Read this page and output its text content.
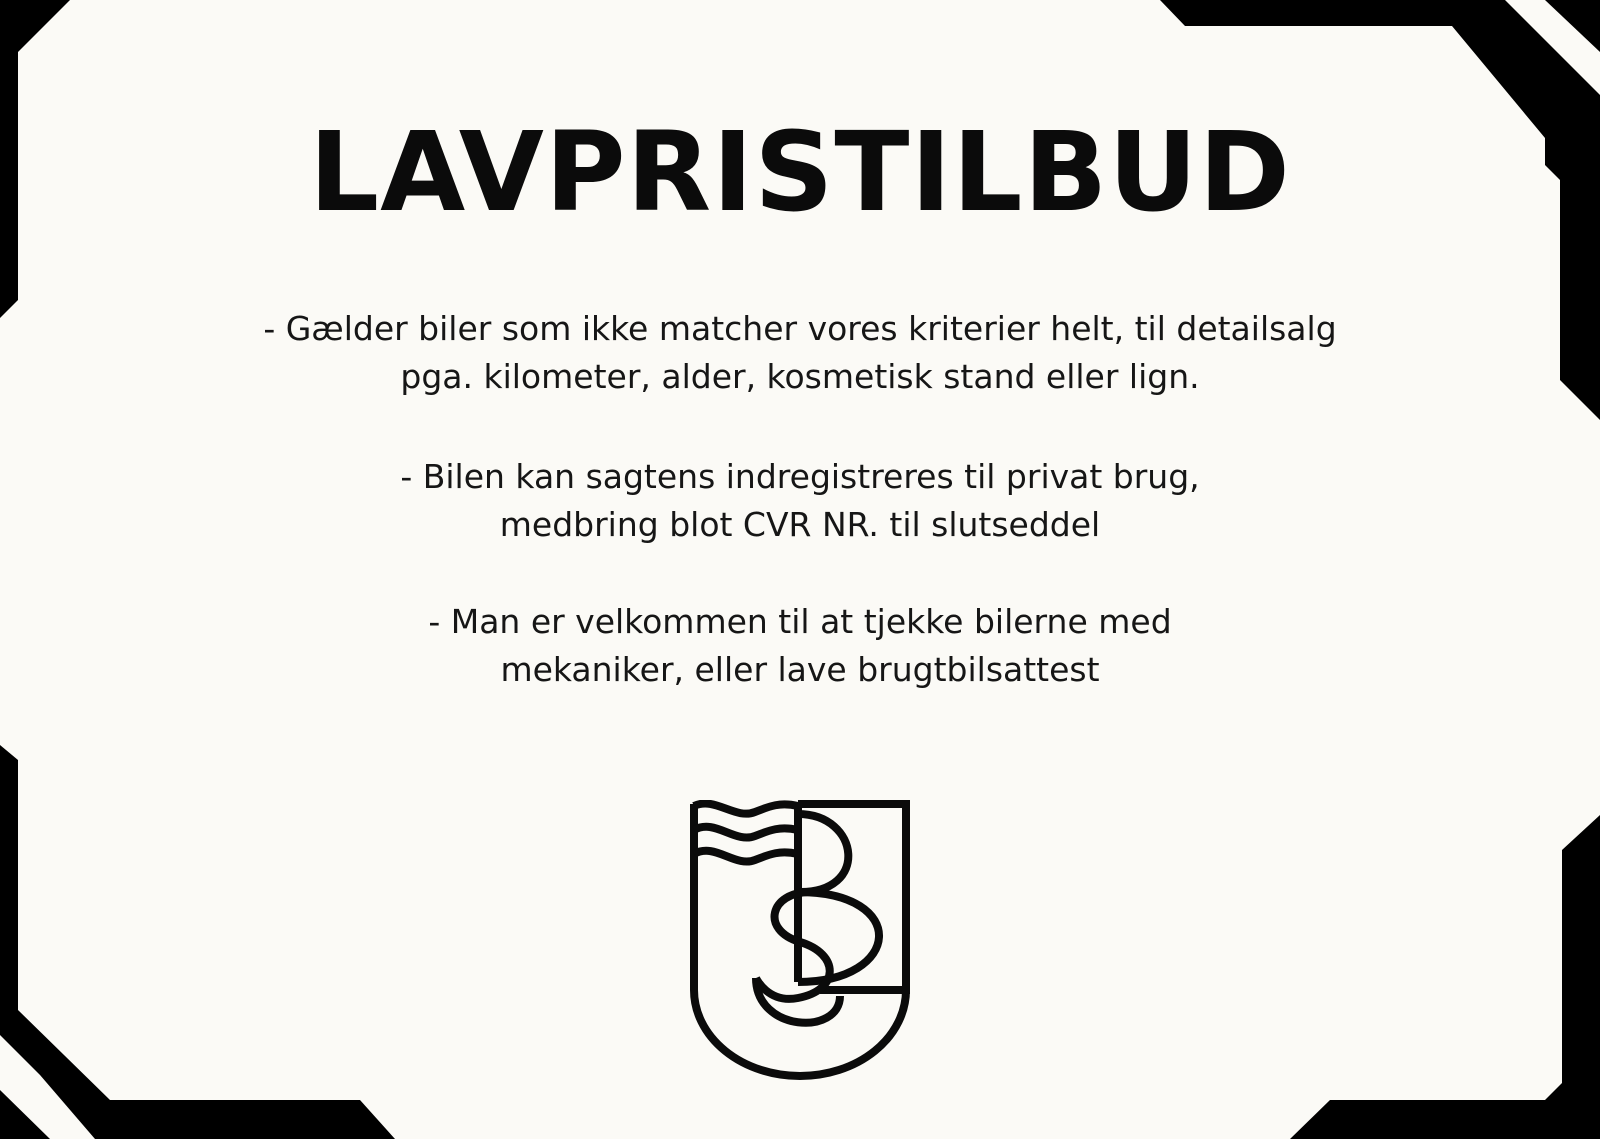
LAVPRISTILBUD
- Gælder biler som ikke matcher vores kriterier helt, til detailsalg
pga. kilometer, alder, kosmetisk stand eller lign.
- Bilen kan sagtens indregistreres til privat brug,
medbring blot CVR NR. til slutseddel
- Man er velkommen til at tjekke bilerne med
mekaniker, eller lave brugtbilsattest
